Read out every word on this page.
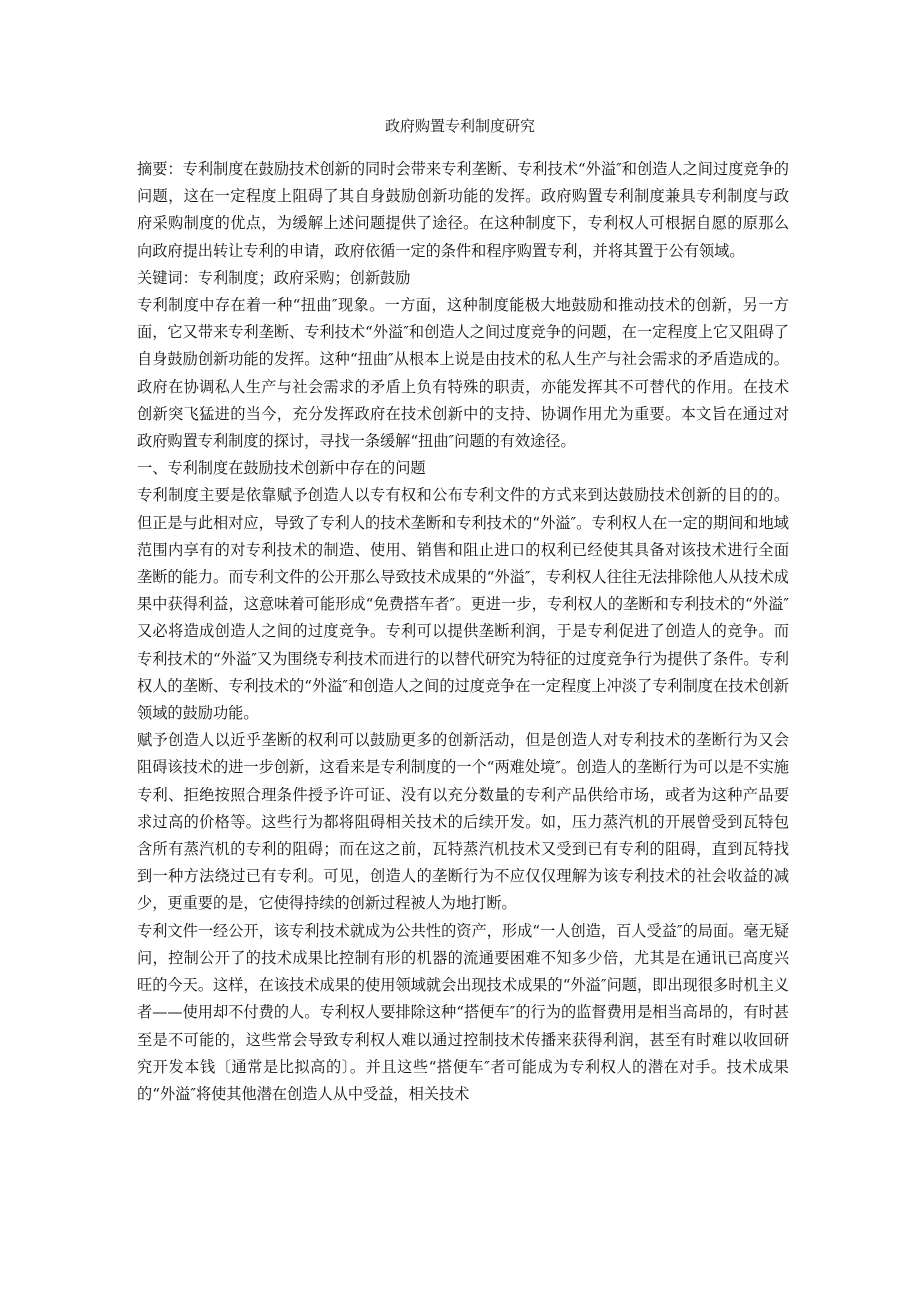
政府购置专利制度研究

摘要：专利制度在鼓励技术创新的同时会带来专利垄断、专利技术“外溢″和创造人之间过度竞争的问题，这在一定程度上阻碍了其自身鼓励创新功能的发挥。政府购置专利制度兼具专利制度与政府采购制度的优点，为缓解上述问题提供了途径。在这种制度下，专利权人可根据自愿的原那么向政府提出转让专利的申请，政府依循一定的条件和程序购置专利，并将其置于公有领域。

关键词：专利制度；政府采购；创新鼓励

专利制度中存在着一种“扭曲″现象。一方面，这种制度能极大地鼓励和推动技术的创新，另一方面，它又带来专利垄断、专利技术“外溢″和创造人之间过度竞争的问题，在一定程度上它又阻碍了自身鼓励创新功能的发挥。这种“扭曲″从根本上说是由技术的私人生产与社会需求的矛盾造成的。政府在协调私人生产与社会需求的矛盾上负有特殊的职责，亦能发挥其不可替代的作用。在技术创新突飞猛进的当今，充分发挥政府在技术创新中的支持、协调作用尤为重要。本文旨在通过对政府购置专利制度的探讨，寻找一条缓解“扭曲″问题的有效途径。

一、专利制度在鼓励技术创新中存在的问题

专利制度主要是依靠赋予创造人以专有权和公布专利文件的方式来到达鼓励技术创新的目的的。但正是与此相对应，导致了专利人的技术垄断和专利技术的“外溢″。专利权人在一定的期间和地域范围内享有的对专利技术的制造、使用、销售和阻止进口的权利已经使其具备对该技术进行全面垄断的能力。而专利文件的公开那么导致技术成果的“外溢″，专利权人往往无法排除他人从技术成果中获得利益，这意味着可能形成“免费搭车者″。更进一步，专利权人的垄断和专利技术的“外溢″又必将造成创造人之间的过度竞争。专利可以提供垄断利润，于是专利促进了创造人的竞争。而专利技术的“外溢″又为围绕专利技术而进行的以替代研究为特征的过度竞争行为提供了条件。专利权人的垄断、专利技术的“外溢″和创造人之间的过度竞争在一定程度上冲淡了专利制度在技术创新领域的鼓励功能。

赋予创造人以近乎垄断的权利可以鼓励更多的创新活动，但是创造人对专利技术的垄断行为又会阻碍该技术的进一步创新，这看来是专利制度的一个“两难处境″。创造人的垄断行为可以是不实施专利、拒绝按照合理条件授予许可证、没有以充分数量的专利产品供给市场，或者为这种产品要求过高的价格等。这些行为都将阻碍相关技术的后续开发。如，压力蒸汽机的开展曾受到瓦特包含所有蒸汽机的专利的阻碍；而在这之前，瓦特蒸汽机技术又受到已有专利的阻碍，直到瓦特找到一种方法绕过已有专利。可见，创造人的垄断行为不应仅仅理解为该专利技术的社会收益的减少，更重要的是，它使得持续的创新过程被人为地打断。

专利文件一经公开，该专利技术就成为公共性的资产，形成“一人创造，百人受益″的局面。毫无疑问，控制公开了的技术成果比控制有形的机器的流通要困难不知多少倍，尤其是在通讯已高度兴旺的今天。这样，在该技术成果的使用领域就会出现技术成果的“外溢″问题，即出现很多时机主义者——使用却不付费的人。专利权人要排除这种“搭便车″的行为的监督费用是相当高昂的，有时甚至是不可能的，这些常会导致专利权人难以通过控制技术传播来获得利润，甚至有时难以收回研究开发本钱〔通常是比拟高的〕。并且这些“搭便车″者可能成为专利权人的潜在对手。技术成果的“外溢″将使其他潜在创造人从中受益，相关技术
